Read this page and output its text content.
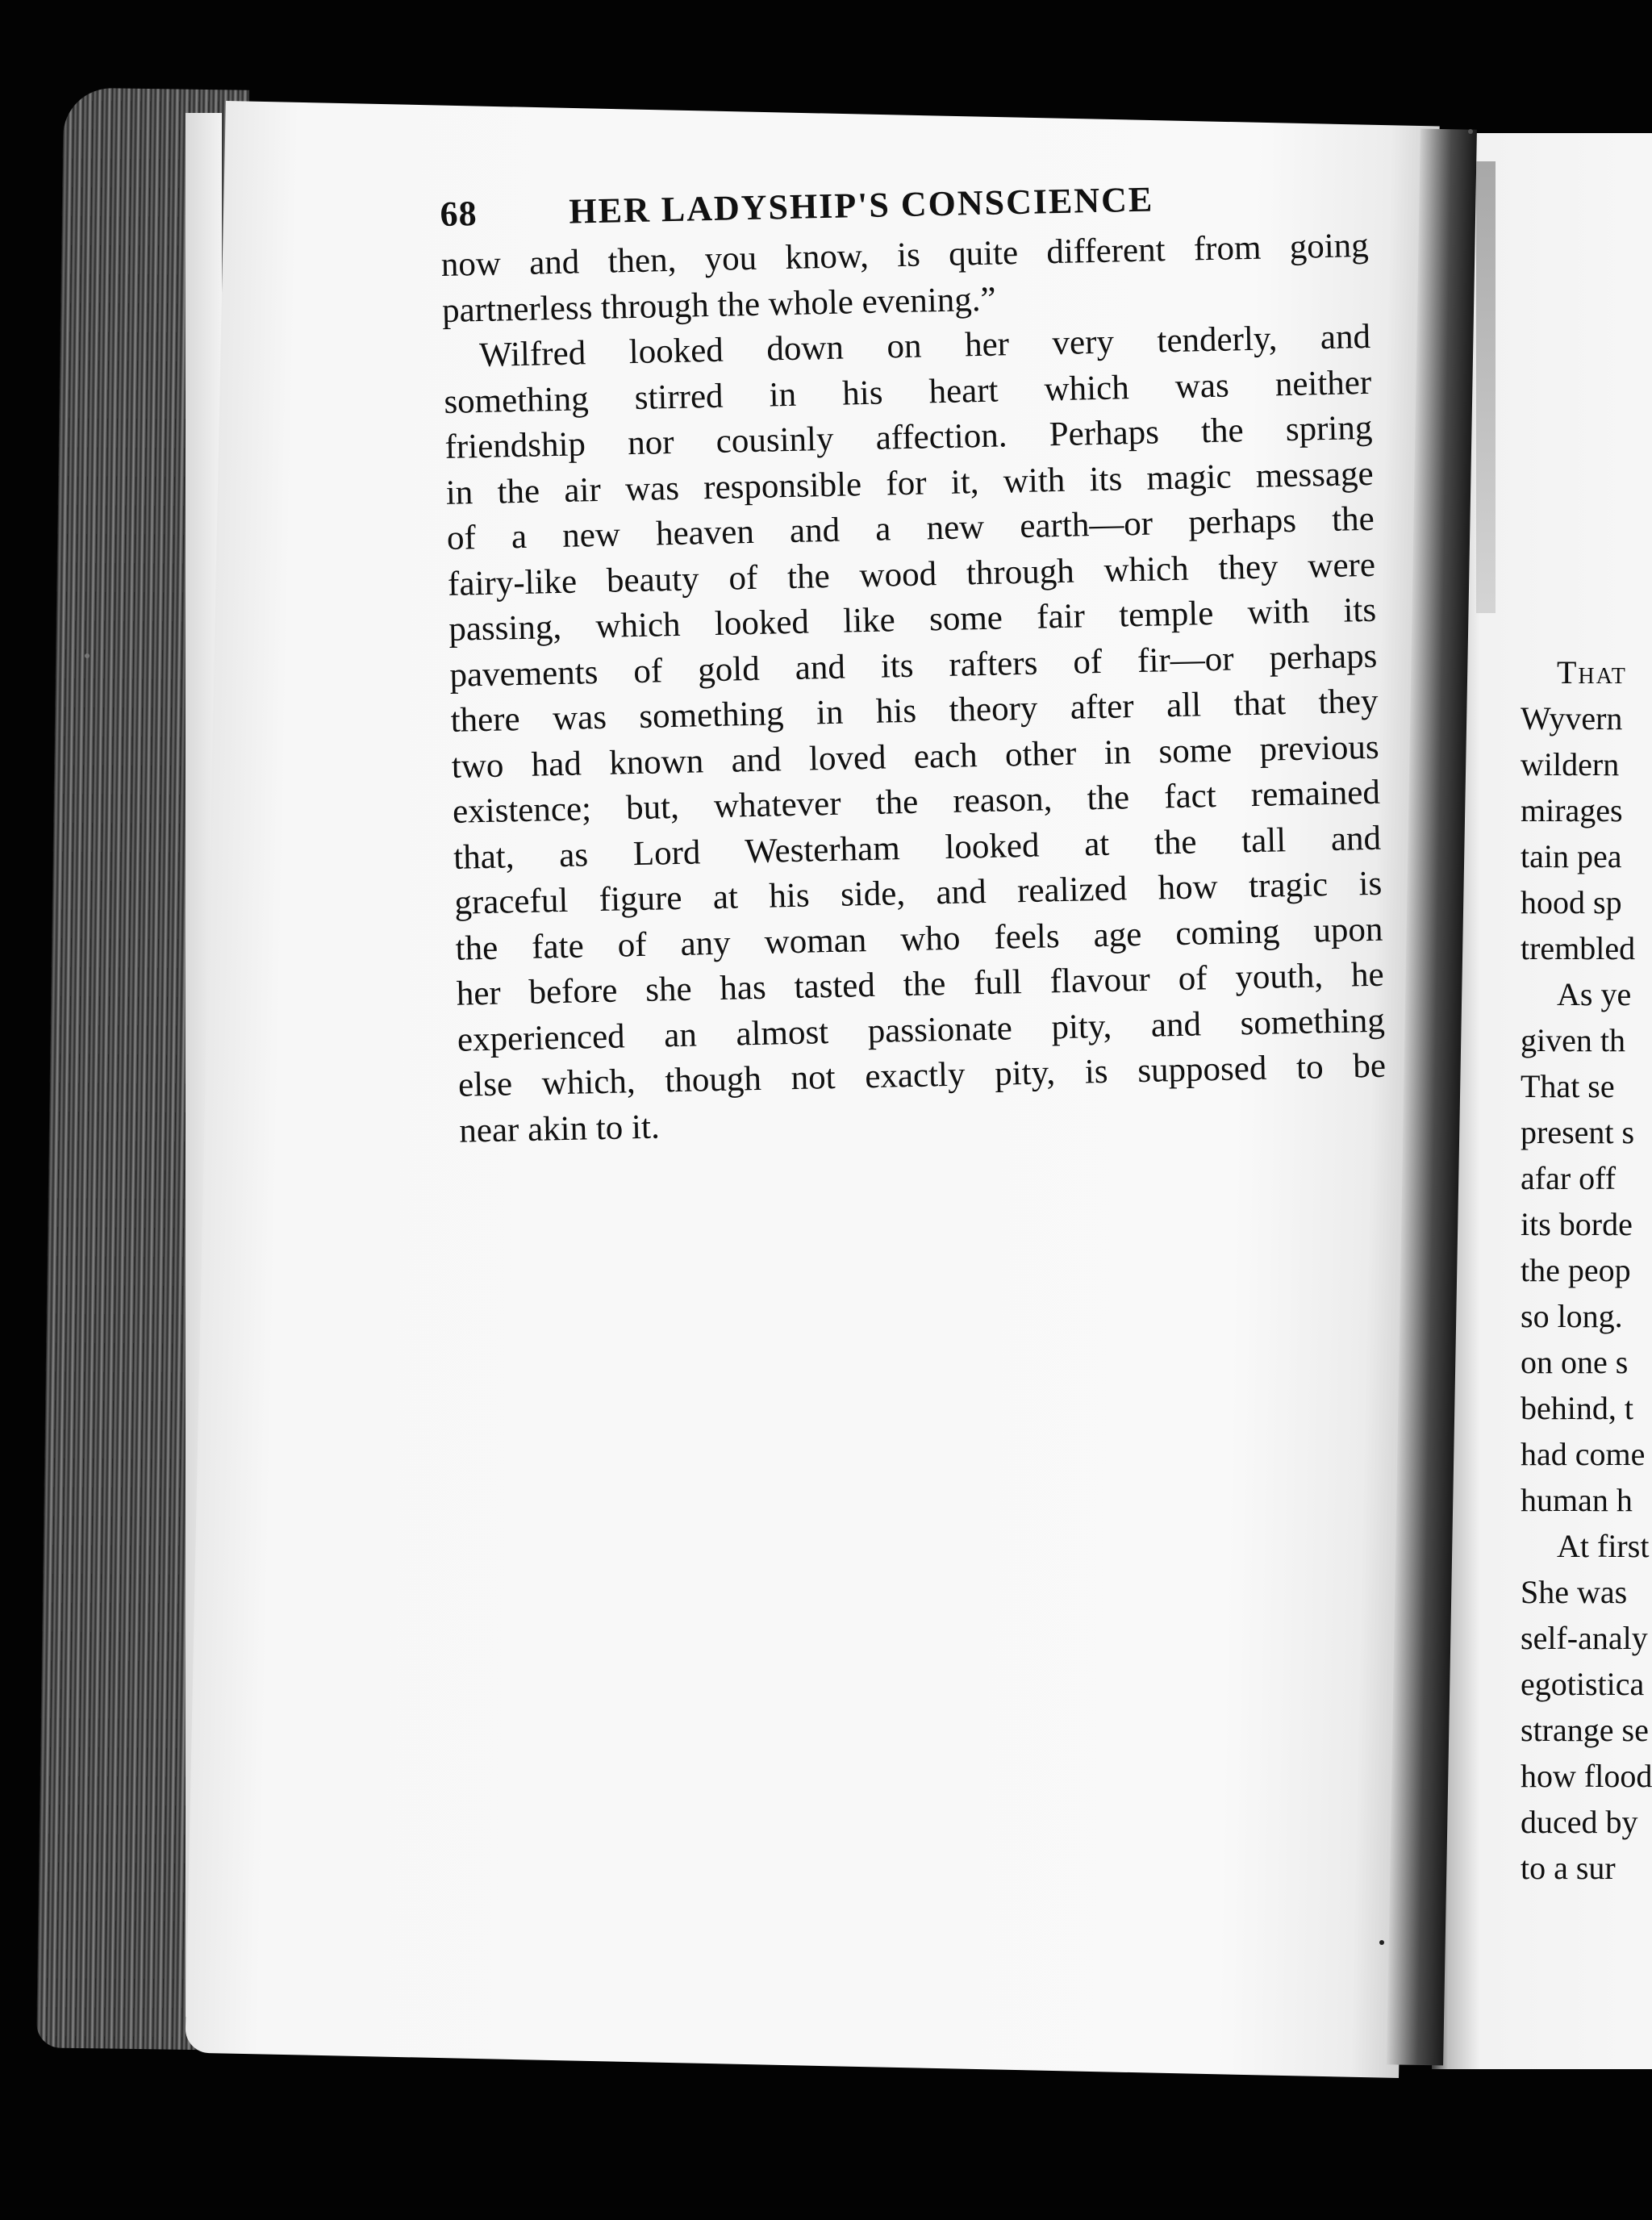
68	HER LADYSHIP'S CONSCIENCE
now and then, you know, is quite different from going
partnerless through the whole evening.”
Wilfred looked down on her very tenderly, and
something stirred in his heart which was neither
friendship nor cousinly affection. Perhaps the spring
in the air was responsible for it, with its magic message
of a new heaven and a new earth—or perhaps the
fairy-like beauty of the wood through which they were
passing, which looked like some fair temple with its
pavements of gold and its rafters of fir—or perhaps
there was something in his theory after all that they
two had known and loved each other in some previous
existence; but, whatever the reason, the fact remained
that, as Lord Westerham looked at the tall and
graceful figure at his side, and realized how tragic is
the fate of any woman who feels age coming upon
her before she has tasted the full flavour of youth, he
experienced an almost passionate pity, and something
else which, though not exactly pity, is supposed to be
near akin to it.
That
Wyvern
wildern
mirages
tain pea
hood sp
trembled
As ye
given th
That se
present s
afar off
its borde
the peop
so long.
on one s
behind, t
had come
human h
At first
She was
self-analy
egotistica
strange se
how flood
duced by
to a sur
